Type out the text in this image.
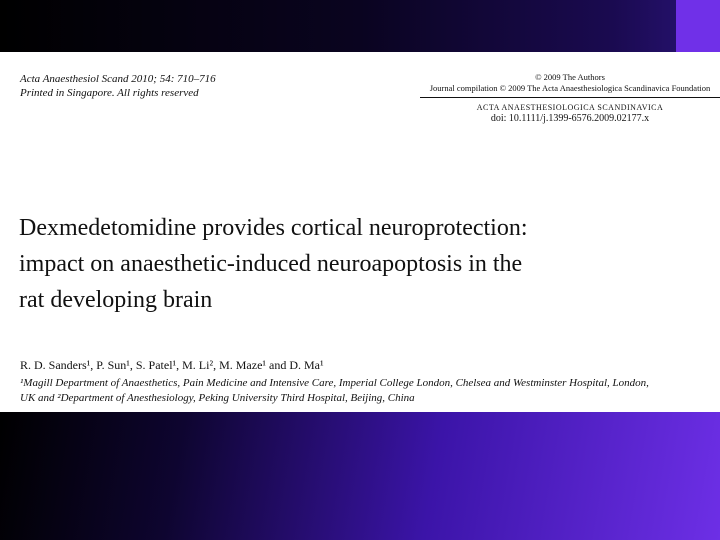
Acta Anaesthesiol Scand 2010; 54: 710–716
Printed in Singapore. All rights reserved
© 2009 The Authors
Journal compilation © 2009 The Acta Anaesthesiologica Scandinavica Foundation
ACTA ANAESTHESIOLOGICA SCANDINAVICA
doi: 10.1111/j.1399-6576.2009.02177.x
Dexmedetomidine provides cortical neuroprotection:
impact on anaesthetic-induced neuroapoptosis in the
rat developing brain
R. D. Sanders¹, P. Sun¹, S. Patel¹, M. Li², M. Maze¹ and D. Ma¹
¹Magill Department of Anaesthetics, Pain Medicine and Intensive Care, Imperial College London, Chelsea and Westminster Hospital, London,
UK and ²Department of Anesthesiology, Peking University Third Hospital, Beijing, China
